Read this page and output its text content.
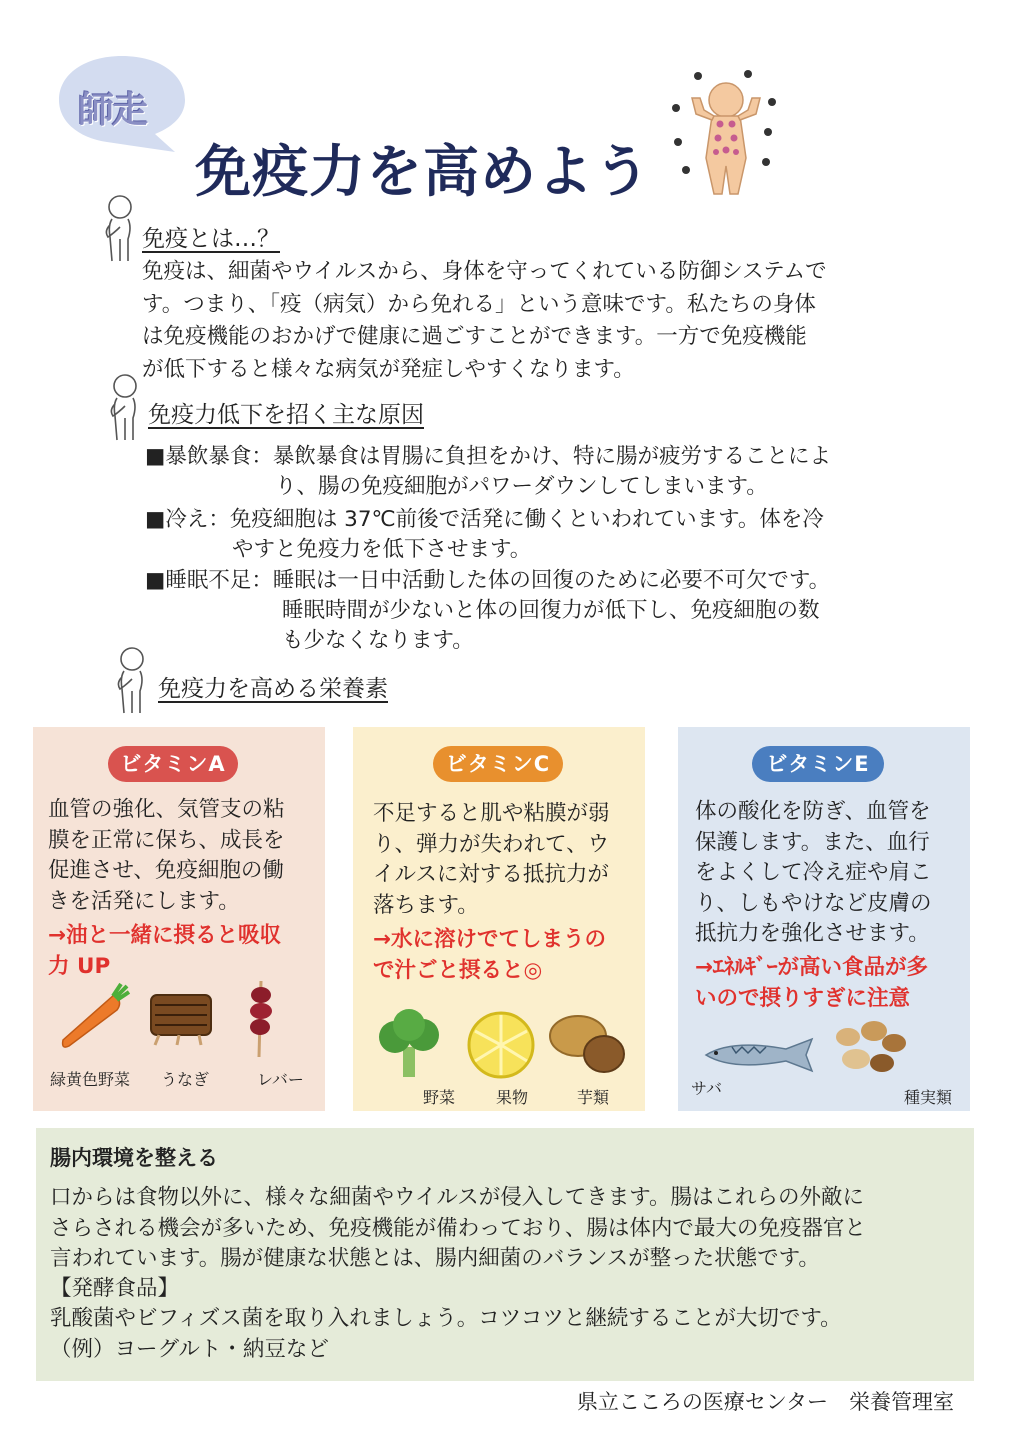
師走
免疫力を高めよう
免疫とは…？
免疫は、細菌やウイルスから、身体を守ってくれている防御システムで
す。つまり、「疫（病気）から免れる」という意味です。私たちの身体
は免疫機能のおかげで健康に過ごすことができます。一方で免疫機能
が低下すると様々な病気が発症しやすくなります。
免疫力低下を招く主な原因
■暴飲暴食：暴飲暴食は胃腸に負担をかけ、特に腸が疲労することによ
り、腸の免疫細胞がパワーダウンしてしまいます。
■冷え：免疫細胞は 37℃前後で活発に働くといわれています。体を冷
やすと免疫力を低下させます。
■睡眠不足：睡眠は一日中活動した体の回復のために必要不可欠です。
睡眠時間が少ないと体の回復力が低下し、免疫細胞の数
も少なくなります。
免疫力を高める栄養素
ビタミンA
血管の強化、気管支の粘
膜を正常に保ち、成長を
促進させ、免疫細胞の働
きを活発にします。
→油と一緒に摂ると吸収
力 UP
緑黄色野菜 うなぎ	レバー
ビタミンC
不足すると肌や粘膜が弱
り、弾力が失われて、ウ
イルスに対する抵抗力が
落ちます。
→水に溶けでてしまうの
で汁ごと摂ると◎
野菜	果物	芋類
ビタミンE
体の酸化を防ぎ、血管を
保護します。また、血行
をよくして冷え症や肩こ
り、しもやけなど皮膚の
抵抗力を強化させます。
→ｴﾈﾙｷﾞｰが高い食品が多
いので摂りすぎに注意
サバ	種実類
腸内環境を整える
口からは食物以外に、様々な細菌やウイルスが侵入してきます。腸はこれらの外敵に
さらされる機会が多いため、免疫機能が備わっており、腸は体内で最大の免疫器官と
言われています。腸が健康な状態とは、腸内細菌のバランスが整った状態です。
【発酵食品】
乳酸菌やビフィズス菌を取り入れましょう。コツコツと継続することが大切です。
（例）ヨーグルト・納豆など
県立こころの医療センター　栄養管理室
